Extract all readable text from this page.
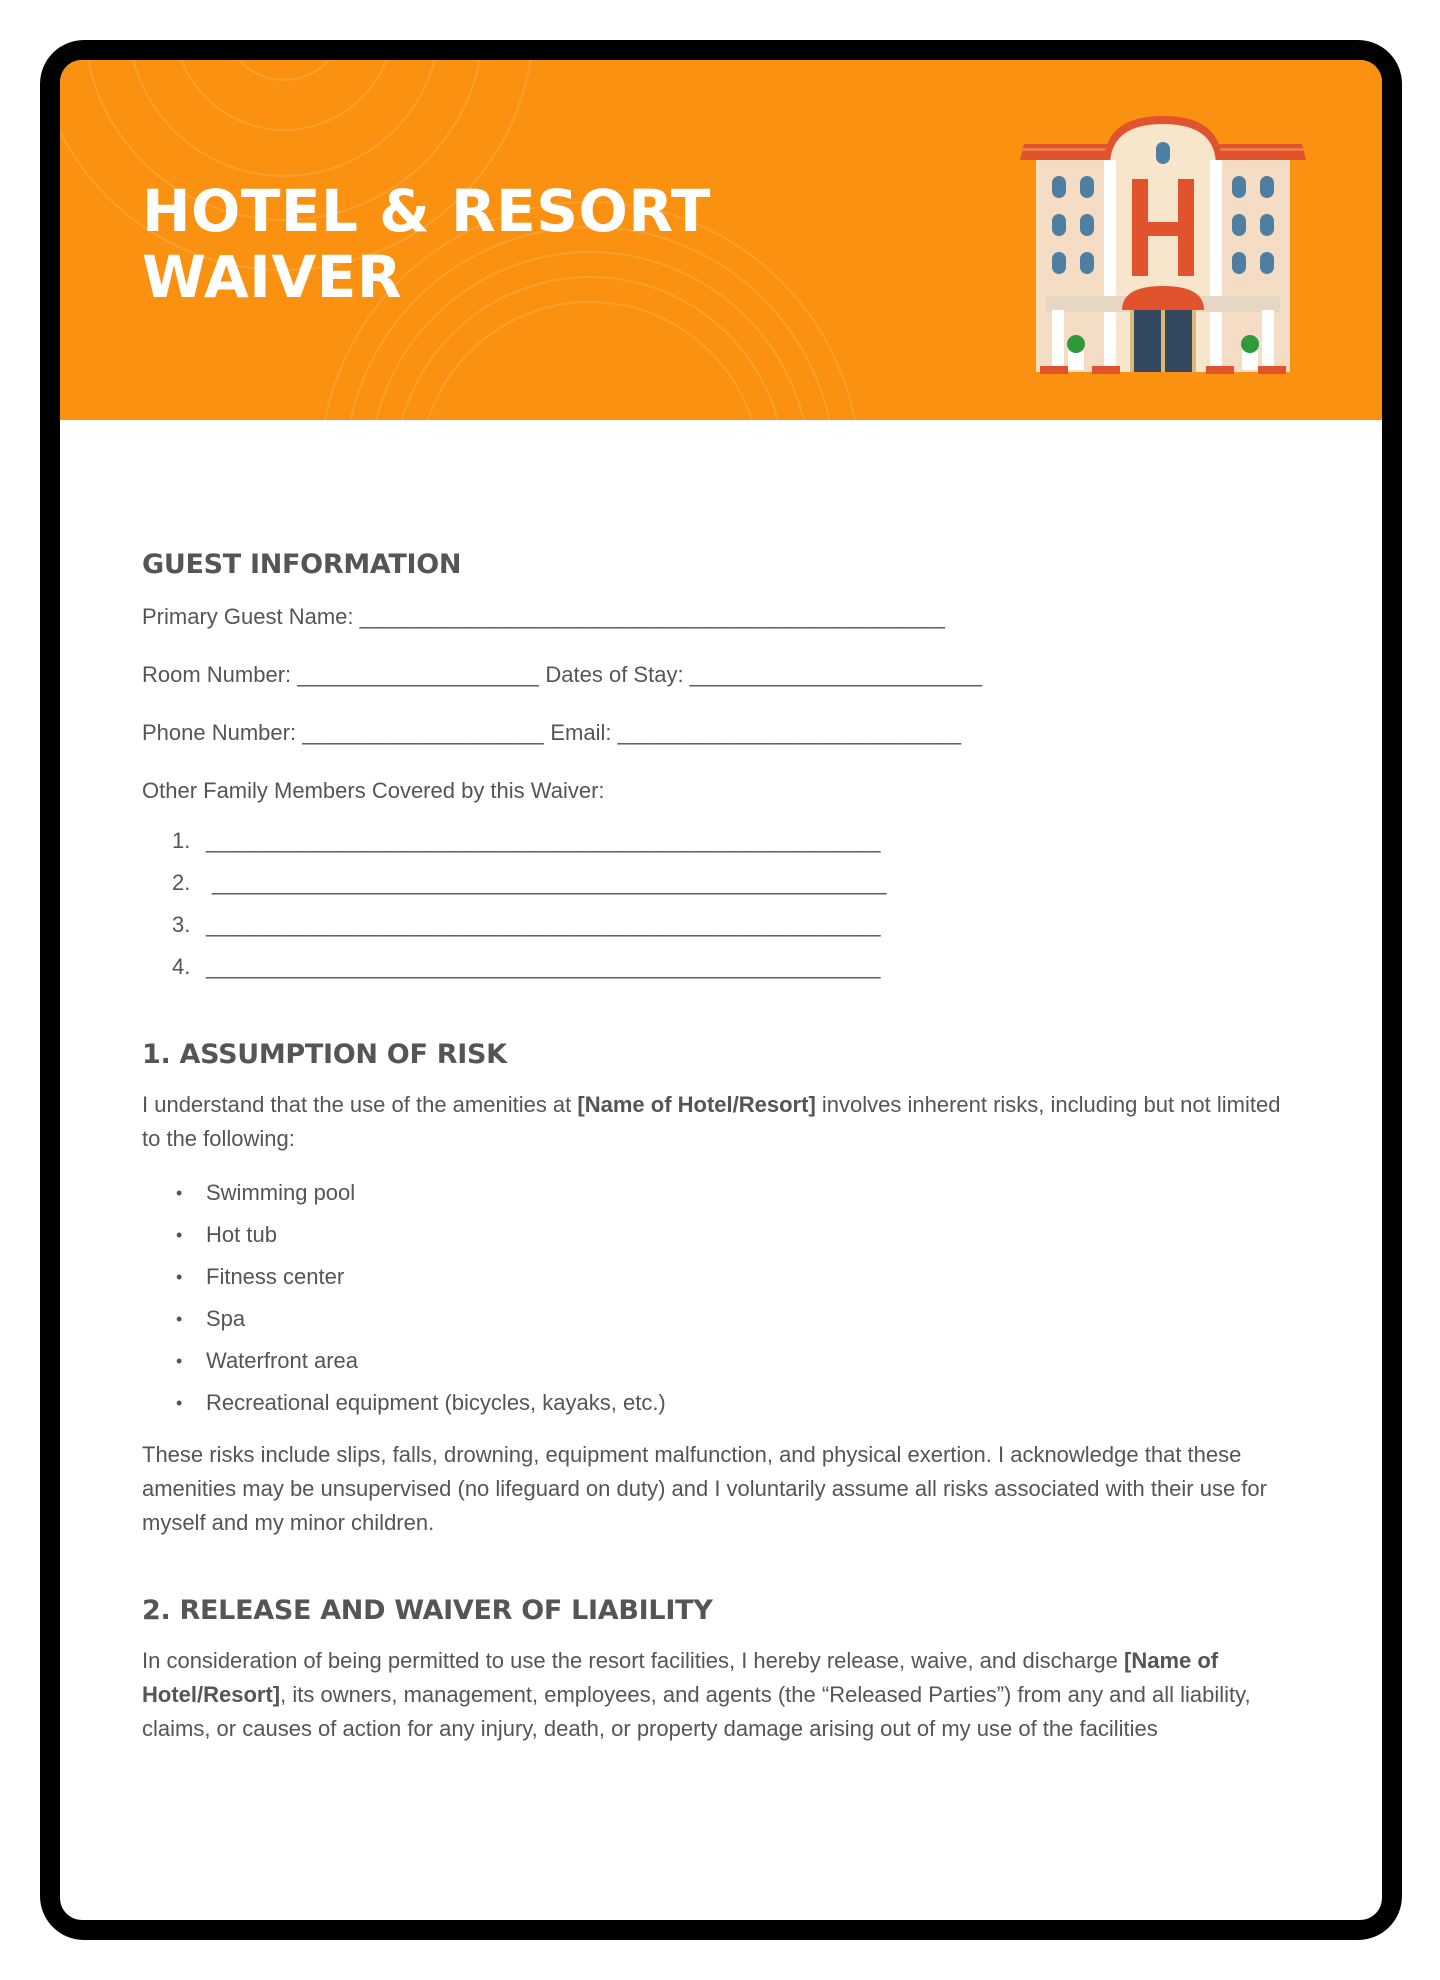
HOTEL & RESORT
WAIVER
GUEST INFORMATION

Primary Guest Name: ______________________________________________

Room Number: ___________________ Dates of Stay: _______________________

Phone Number: ___________________ Email: ___________________________

Other Family Members Covered by this Waiver:

1. _____________________________________________________
2. _____________________________________________________
3. _____________________________________________________
4. _____________________________________________________
1. ASSUMPTION OF RISK

I understand that the use of the amenities at [Name of Hotel/Resort] involves inherent risks, including but not limited to the following:

•	Swimming pool
•	Hot tub
•	Fitness center
•	Spa
•	Waterfront area
•	Recreational equipment (bicycles, kayaks, etc.)

These risks include slips, falls, drowning, equipment malfunction, and physical exertion. I acknowledge that these amenities may be unsupervised (no lifeguard on duty) and I voluntarily assume all risks associated with their use for myself and my minor children.

2. RELEASE AND WAIVER OF LIABILITY

In consideration of being permitted to use the resort facilities, I hereby release, waive, and discharge [Name of Hotel/Resort], its owners, management, employees, and agents (the “Released Parties”) from any and all liability, claims, or causes of action for any injury, death, or property damage arising out of my use of the facilities
